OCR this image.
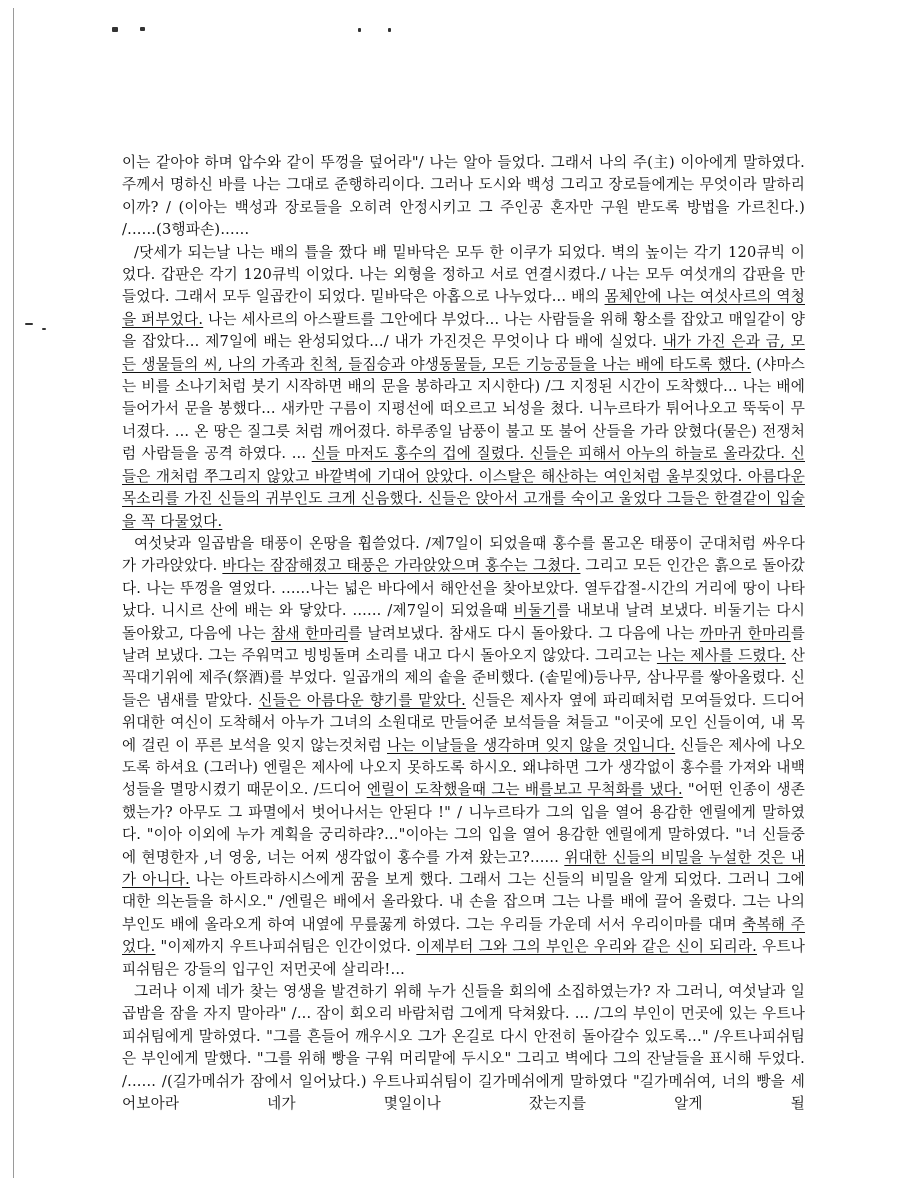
이는 같아야 하며 압수와 같이 뚜껑을 덮어라"/ 나는 알아 들었다. 그래서 나의 주(主) 이아에게 말하였다. 주께서 명하신 바를 나는 그대로 준행하리이다. 그러나 도시와 백성 그리고 장로들에게는 무엇이라 말하리이까? / (이아는 백성과 장로들을 오히려 안정시키고 그 주인공 혼자만 구원 받도록 방법을 가르친다.) /......(3행파손)......

/닷세가 되는날 나는 배의 틀을 짰다 배 밑바닥은 모두 한 이쿠가 되었다. 벽의 높이는 각기 120큐빅 이었다. 갑판은 각기 120큐빅 이었다. 나는 외형을 정하고 서로 연결시켰다./ 나는 모두 여섯개의 갑판을 만들었다. 그래서 모두 일곱칸이 되었다. 밑바닥은 아홉으로 나누었다... 배의 몸체안에 나는 여섯사르의 역청을 퍼부었다. 나는 세사르의 아스팔트를 그안에다 부었다... 나는 사람들을 위해 황소를 잡았고 매일같이 양을 잡았다... 제7일에 배는 완성되었다.../ 내가 가진것은 무엇이나 다 배에 실었다. 내가 가진 은과 금, 모든 생물들의 씨, 나의 가족과 친척, 들짐승과 야생동물들, 모든 기능공들을 나는 배에 타도록 했다. (샤마스는 비를 소나기처럼 붓기 시작하면 배의 문을 봉하라고 지시한다) /그 지정된 시간이 도착했다... 나는 배에 들어가서 문을 봉했다... 새카만 구름이 지평선에 떠오르고 뇌성을 쳤다. 니누르타가 튀어나오고 뚝둑이 무너졌다. ... 온 땅은 질그릇 처럼 깨어졌다. 하루종일 남풍이 불고 또 불어 산들을 가라 앉혔다(물은) 전쟁처럼 사람들을 공격 하였다. ... 신들 마저도 홍수의 겁에 질렸다. 신들은 피해서 아누의 하늘로 올라갔다. 신들은 개처럼 쭈그리지 않았고 바깥벽에 기대어 앉았다. 이스탈은 해산하는 여인처럼 울부짖었다. 아름다운 목소리를 가진 신들의 귀부인도 크게 신음했다. 신들은 앉아서 고개를 숙이고 울었다 그들은 한결같이 입술을 꼭 다물었다.

여섯낮과 일곱밤을 태풍이 온땅을 휩쓸었다. /제7일이 되었을때 홍수를 몰고온 태풍이 군대처럼 싸우다가 가라앉았다. 바다는 잠잠해졌고 태풍은 가라앉았으며 홍수는 그쳤다. 그리고 모든 인간은 흙으로 돌아갔다. 나는 뚜껑을 열었다. ......나는 넓은 바다에서 해안선을 찾아보았다. 열두갑절-시간의 거리에 땅이 나타났다. 니시르 산에 배는 와 닿았다. ...... /제7일이 되었을때 비둘기를 내보내 날려 보냈다. 비둘기는 다시돌아왔고, 다음에 나는 참새 한마리를 날려보냈다. 참새도 다시 돌아왔다. 그 다음에 나는 까마귀 한마리를 날려 보냈다. 그는 주워먹고 빙빙돌며 소리를 내고 다시 돌아오지 않았다. 그리고는 나는 제사를 드렸다. 산꼭대기위에 제주(祭酒)를 부었다. 일곱개의 제의 솥을 준비했다. (솥밑에)등나무, 삼나무를 쌓아올렸다. 신들은 냄새를 맡았다. 신들은 아름다운 향기를 맡았다. 신들은 제사자 옆에 파리떼처럼 모여들었다. 드디어 위대한 여신이 도착해서 아누가 그녀의 소원대로 만들어준 보석들을 쳐들고 "이곳에 모인 신들이여, 내 목에 걸린 이 푸른 보석을 잊지 않는것처럼 나는 이날들을 생각하며 잊지 않을 것입니다. 신들은 제사에 나오도록 하셔요 (그러나) 엔릴은 제사에 나오지 못하도록 하시오. 왜냐하면 그가 생각없이 홍수를 가져와 내백성들을 멸망시켰기 때문이오. /드디어 엔릴이 도착했을때 그는 배를보고 무척화를 냈다. "어떤 인종이 생존했는가? 아무도 그 파멸에서 벗어나서는 안된다 !" / 니누르타가 그의 입을 열어 용감한 엔릴에게 말하였다. "이아 이외에 누가 계획을 궁리하랴?..."이아는 그의 입을 열어 용감한 엔릴에게 말하였다. "너 신들중에 현명한자 ,너 영웅, 너는 어찌 생각없이 홍수를 가져 왔는고?...... 위대한 신들의 비밀을 누설한 것은 내가 아니다. 나는 아트라하시스에게 꿈을 보게 했다. 그래서 그는 신들의 비밀을 알게 되었다. 그러니 그에 대한 의논들을 하시오." /엔릴은 배에서 올라왔다. 내 손을 잡으며 그는 나를 배에 끌어 올렸다. 그는 나의 부인도 배에 올라오게 하여 내옆에 무릎꿇게 하였다. 그는 우리들 가운데 서서 우리이마를 대며 축복해 주었다. "이제까지 우트나피쉬팀은 인간이었다. 이제부터 그와 그의 부인은 우리와 같은 신이 되리라. 우트나피쉬팀은 강들의 입구인 저먼곳에 살리라!...

그러나 이제 네가 찾는 영생을 발견하기 위해 누가 신들을 회의에 소집하였는가? 자 그러니, 여섯날과 일곱밤을 잠을 자지 말아라" /... 잠이 회오리 바람처럼 그에게 닥쳐왔다. ... /그의 부인이 먼곳에 있는 우트나피쉬팀에게 말하였다. "그를 흔들어 깨우시오 그가 온길로 다시 안전히 돌아갈수 있도록..." /우트나피쉬팀은 부인에게 말했다. "그를 위해 빵을 구워 머리맡에 두시오" 그리고 벽에다 그의 잔날들을 표시해 두었다. /...... /(길가메쉬가 잠에서 일어났다.) 우트나피쉬팀이 길가메쉬에게 말하였다 "길가메쉬여, 너의 빵을 세어보아라 네가 몇일이나 잤는지를 알게 될
